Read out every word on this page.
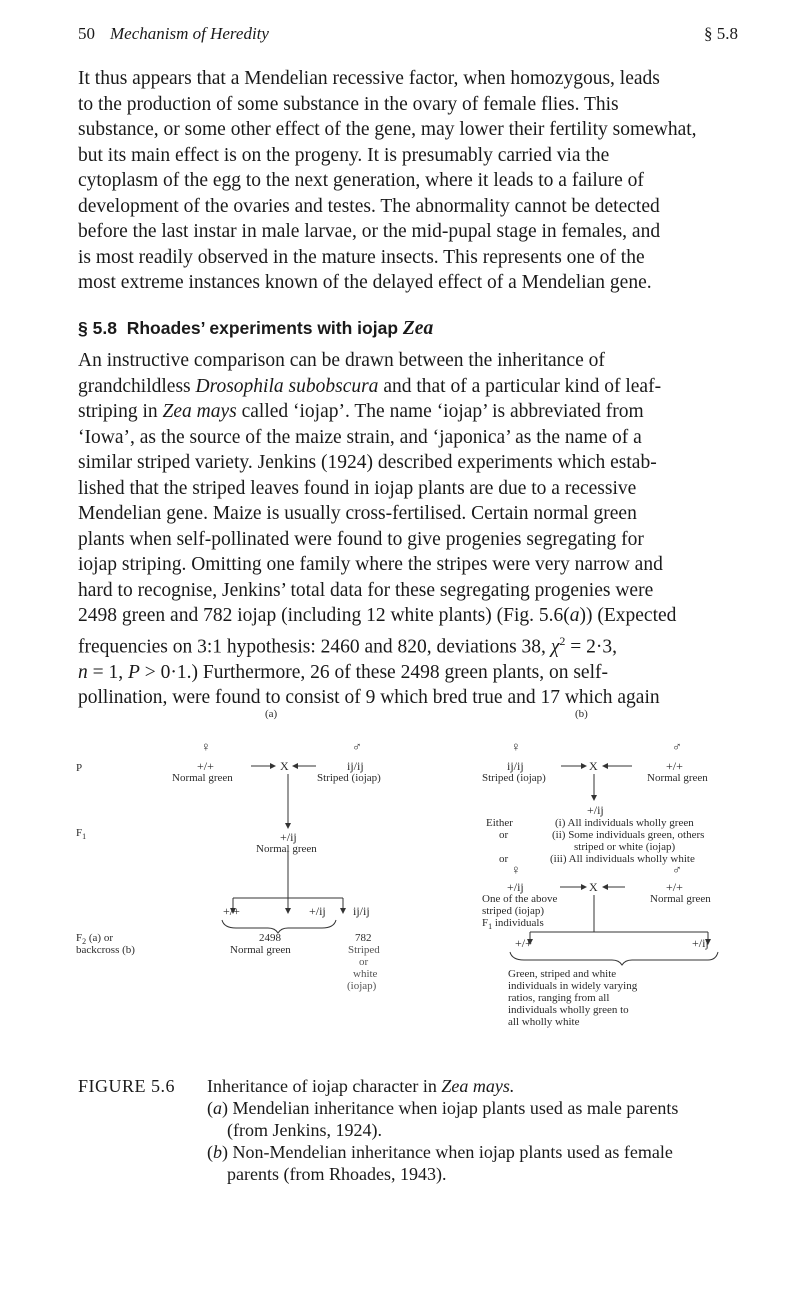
50 Mechanism of Heredity	§ 5.8

It thus appears that a Mendelian recessive factor, when homozygous, leads

to the production of some substance in the ovary of female flies. This

substance, or some other effect of the gene, may lower their fertility somewhat,

but its main effect is on the progeny. It is presumably carried via the

cytoplasm of the egg to the next generation, where it leads to a failure of

development of the ovaries and testes. The abnormality cannot be detected

before the last instar in male larvae, or the mid-pupal stage in females, and

is most readily observed in the mature insects. This represents one of the

most extreme instances known of the delayed effect of a Mendelian gene.

§ 5.8 Rhoades’ experiments with iojap Zea

An instructive comparison can be drawn between the inheritance of

grandchildless Drosophila subobscura and that of a particular kind of leaf-

striping in Zea mays called ‘iojap’. The name ‘iojap’ is abbreviated from

‘Iowa’, as the source of the maize strain, and ‘japonica’ as the name of a

similar striped variety. Jenkins (1924) described experiments which estab-

lished that the striped leaves found in iojap plants are due to a recessive

Mendelian gene. Maize is usually cross-fertilised. Certain normal green

plants when self-pollinated were found to give progenies segregating for

iojap striping. Omitting one family where the stripes were very narrow and

hard to recognise, Jenkins’ total data for these segregating progenies were

2498 green and 782 iojap (including 12 white plants) (Fig. 5.6(a)) (Expected

frequencies on 3:1 hypothesis: 2460 and 820, deviations 38, $\chi^2 = 2\cdot 3$,

n = 1, P > 0·1.) Furthermore, 26 of these 2498 green plants, on self-

pollination, were found to consist of 9 which bred true and 17 which again

P
$F_1$
$F_2$ (a) or
backcross (b)
(a)	(b)
♀	♂
+/+	X	ij/ij
Normal green	Striped (iojap)
+/ij
Normal green
+/+	+/ij ij/ij
2498
Normal green
782
Striped
or
white
(iojap)
♀	♂
ij/ij	X	+/+
Striped (iojap)	Normal green
+/ij
Either	(i) All individuals wholly green
or	(ii) Some individuals green, others
striped or white (iojap)
or	(iii) All individuals wholly white
♀	♂
+/ij	X	+/+
One of the above
striped (iojap)
$F_1$ individuals
Normal green
+/+	+/ij
Green, striped and white
individuals in widely varying
ratios, ranging from all
individuals wholly green to
all wholly white
FIGURE 5.6 Inheritance of iojap character in Zea mays.

(a) Mendelian inheritance when iojap plants used as male parents

(from Jenkins, 1924).

(b) Non-Mendelian inheritance when iojap plants used as female

parents (from Rhoades, 1943).
